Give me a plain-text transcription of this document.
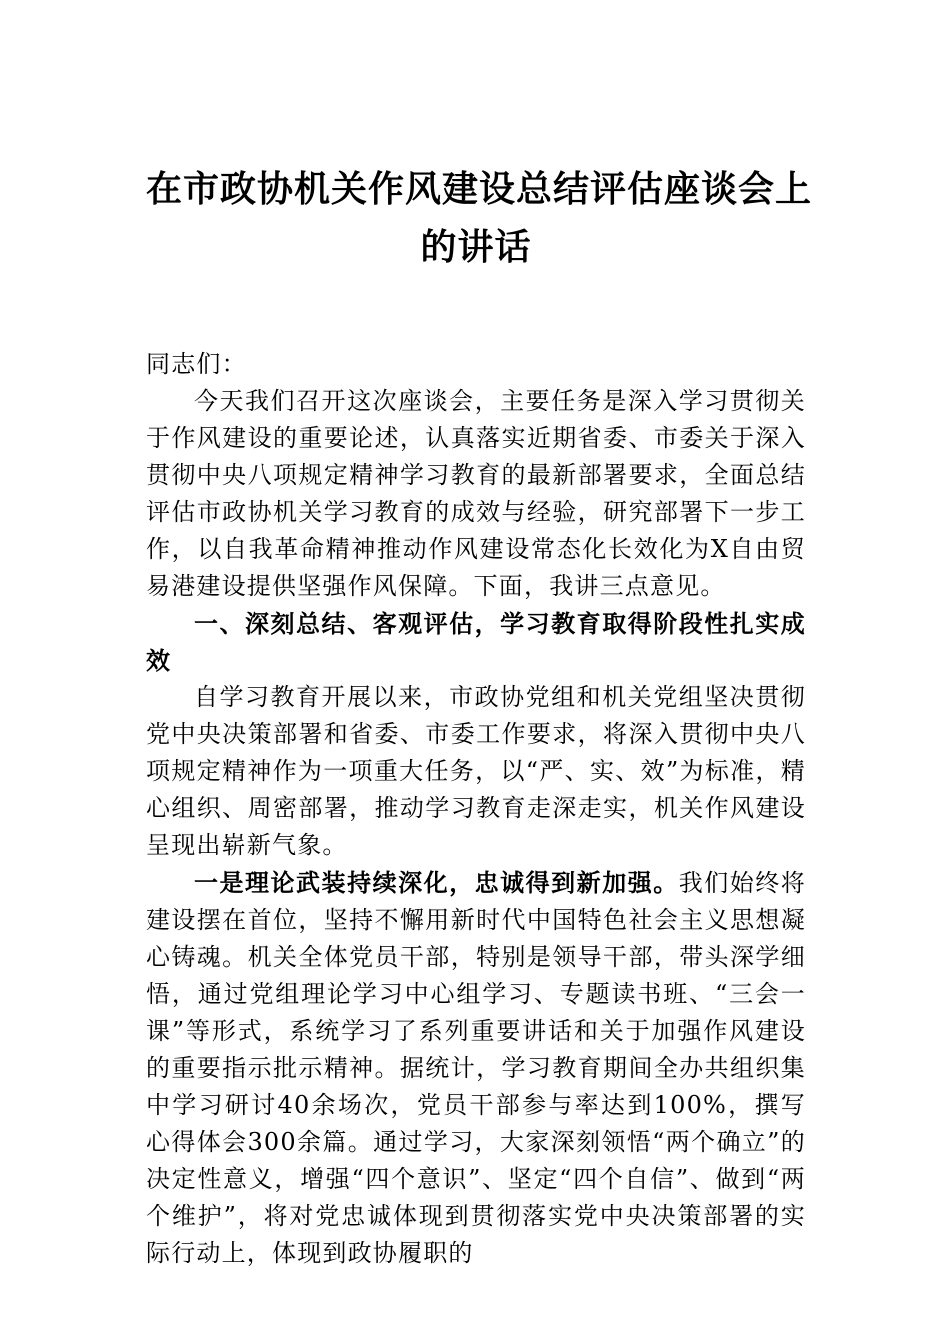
在市政协机关作风建设总结评估座谈会上
的讲话

同志们：

今天我们召开这次座谈会，主要任务是深入学习贯彻关于作风建设的重要论述，认真落实近期省委、市委关于深入贯彻中央八项规定精神学习教育的最新部署要求，全面总结评估市政协机关学习教育的成效与经验，研究部署下一步工作，以自我革命精神推动作风建设常态化长效化为X自由贸易港建设提供坚强作风保障。下面，我讲三点意见。

一、深刻总结、客观评估，学习教育取得阶段性扎实成效

自学习教育开展以来，市政协党组和机关党组坚决贯彻党中央决策部署和省委、市委工作要求，将深入贯彻中央八项规定精神作为一项重大任务，以“严、实、效”为标准，精心组织、周密部署，推动学习教育走深走实，机关作风建设呈现出崭新气象。

一是理论武装持续深化，忠诚得到新加强。我们始终将建设摆在首位，坚持不懈用新时代中国特色社会主义思想凝心铸魂。机关全体党员干部，特别是领导干部，带头深学细悟，通过党组理论学习中心组学习、专题读书班、“三会一课”等形式，系统学习了系列重要讲话和关于加强作风建设的重要指示批示精神。据统计，学习教育期间全办共组织集中学习研讨40余场次，党员干部参与率达到100%，撰写心得体会300余篇。通过学习，大家深刻领悟“两个确立”的决定性意义，增强“四个意识”、坚定“四个自信”、做到“两个维护”，将对党忠诚体现到贯彻落实党中央决策部署的实际行动上，体现到政协履职的
